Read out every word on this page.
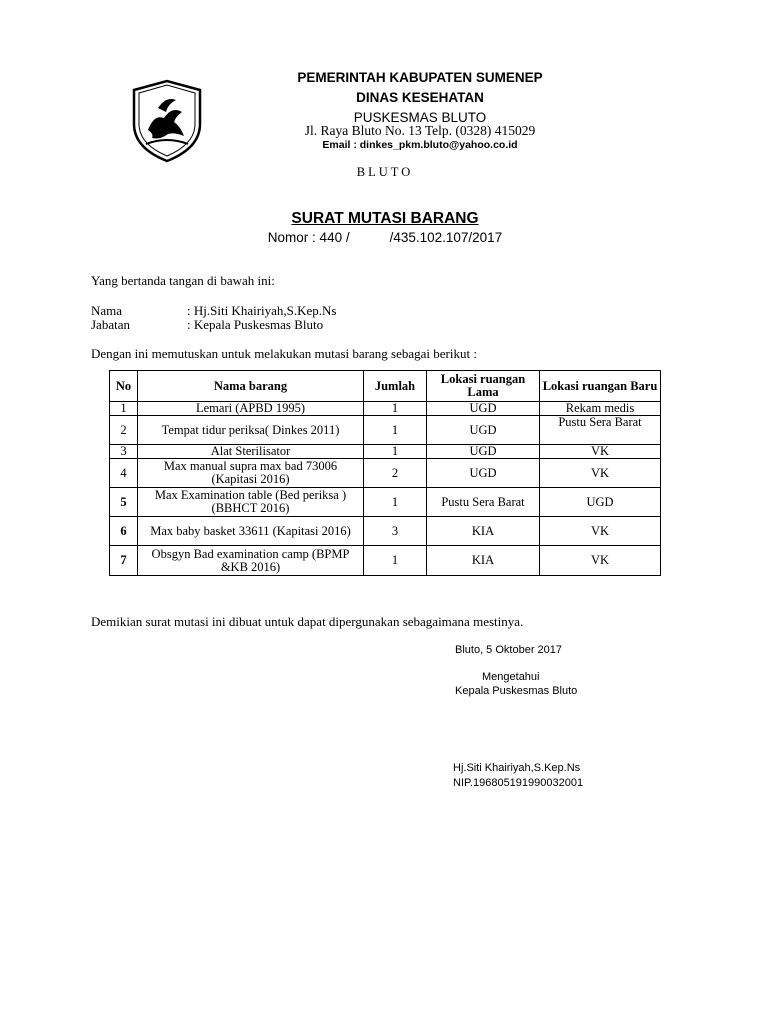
PEMERINTAH KABUPATEN SUMENEP
DINAS KESEHATAN
PUSKESMAS BLUTO
Jl. Raya Bluto No. 13 Telp. (0328) 415029
Email : dinkes_pkm.bluto@yahoo.co.id
BLUTO
SURAT MUTASI BARANG
Nomor : 440 /	/435.102.107/2017
Yang bertanda tangan di bawah ini:
Nama	: Hj.Siti Khairiyah,S.Kep.Ns
Jabatan	: Kepala Puskesmas Bluto
Dengan ini memutuskan untuk melakukan mutasi barang sebagai berikut :
No	Nama barang	Jumlah	Lokasi ruangan Lama	Lokasi ruangan Baru
1	Lemari (APBD 1995)	1	UGD	Rekam medis
2	Tempat tidur periksa( Dinkes 2011)	1	UGD	Pustu Sera Barat
3	Alat Sterilisator	1	UGD	VK
4	Max manual supra max bad 73006 (Kapitasi 2016)	2	UGD	VK
5	Max Examination table (Bed periksa ) (BBHCT 2016)	1	Pustu Sera Barat	UGD
6	Max baby basket 33611 (Kapitasi 2016)	3	KIA	VK
7	Obsgyn Bad examination camp (BPMP &KB 2016)	1	KIA	VK
Demikian surat mutasi ini dibuat untuk dapat dipergunakan sebagaimana mestinya.
Bluto, 5 Oktober 2017
Mengetahui
Kepala Puskesmas Bluto
Hj.Siti Khairiyah,S.Kep.Ns
NIP.196805191990032001
